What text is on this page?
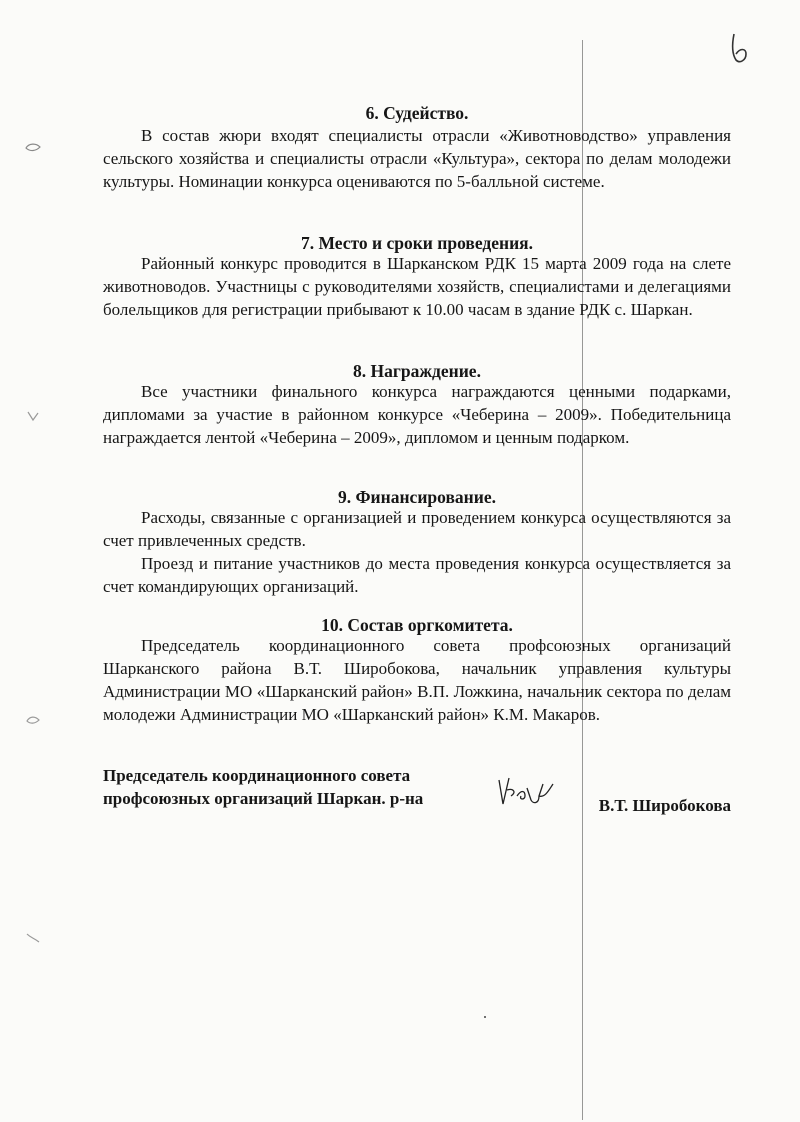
6. Судейство.

В состав жюри входят специалисты отрасли «Животноводство» управления сельского хозяйства и специалисты отрасли «Культура», сектора по делам молодежи культуры. Номинации конкурса оцениваются по 5-балльной системе.

7. Место и сроки проведения.

Районный конкурс проводится в Шарканском РДК 15 марта 2009 года на слете животноводов. Участницы с руководителями хозяйств, специалистами и делегациями болельщиков для регистрации прибывают к 10.00 часам в здание РДК с. Шаркан.

8. Награждение.

Все участники финального конкурса награждаются ценными подарками, дипломами за участие в районном конкурсе «Чеберина – 2009». Победительница награждается лентой «Чеберина – 2009», дипломом и ценным подарком.

9. Финансирование.

Расходы, связанные с организацией и проведением конкурса осуществляются за счет привлеченных средств.

Проезд и питание участников до места проведения конкурса осуществляется за счет командирующих организаций.

10. Состав оргкомитета.

Председатель координационного совета профсоюзных организаций Шарканского района В.Т. Широбокова, начальник управления культуры Администрации МО «Шарканский район» В.П. Ложкина, начальник сектора по делам молодежи Администрации МО «Шарканский район» К.М. Макаров.

Председатель координационного совета
профсоюзных организаций Шаркан. р-на	В.Т. Широбокова
